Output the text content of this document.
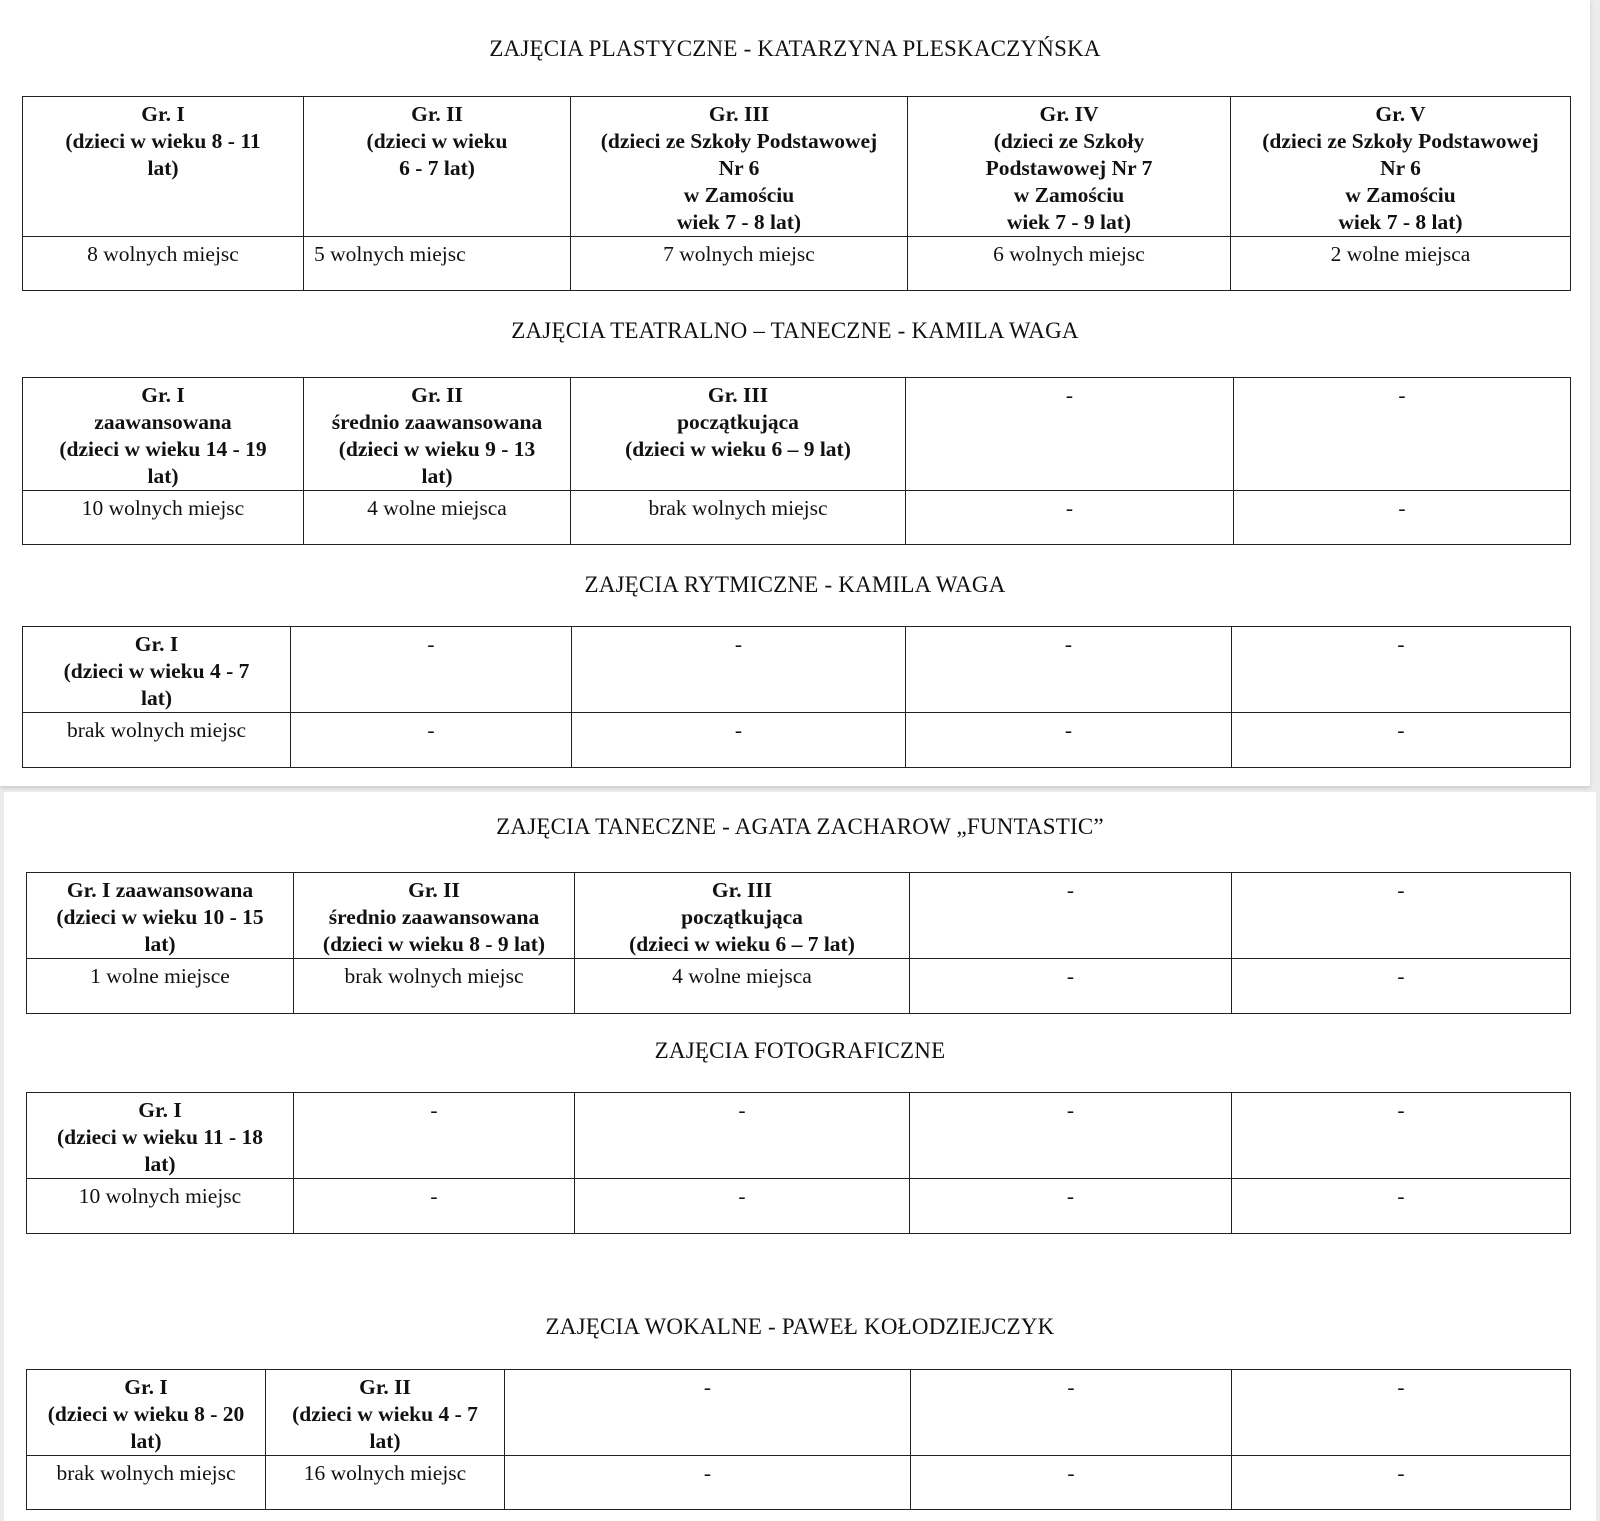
ZAJĘCIA PLASTYCZNE - KATARZYNA PLESKACZYŃSKA
Gr. I
(dzieci w wieku 8 - 11
lat)	Gr. II
(dzieci w wieku
6 - 7 lat)	Gr. III
(dzieci ze Szkoły Podstawowej
Nr 6
w Zamościu
wiek 7 - 8 lat)	Gr. IV
(dzieci ze Szkoły
Podstawowej Nr 7
w Zamościu
wiek 7 - 9 lat)	Gr. V
(dzieci ze Szkoły Podstawowej
Nr 6
w Zamościu
wiek 7 - 8 lat)

8 wolnych miejsc	5 wolnych miejsc	7 wolnych miejsc	6 wolnych miejsc	2 wolne miejsca
ZAJĘCIA TEATRALNO – TANECZNE - KAMILA WAGA
Gr. I
zaawansowana
(dzieci w wieku 14 - 19
lat)	Gr. II
średnio zaawansowana
(dzieci w wieku 9 - 13
lat)	Gr. III
początkująca
(dzieci w wieku 6 – 9 lat)	-	-

10 wolnych miejsc	4 wolne miejsca	brak wolnych miejsc	-	-
ZAJĘCIA RYTMICZNE - KAMILA WAGA
Gr. I
(dzieci w wieku 4 - 7
lat)	-	-	-	-

brak wolnych miejsc	-	-	-	-
ZAJĘCIA TANECZNE - AGATA ZACHAROW „FUNTASTIC”
Gr. I zaawansowana
(dzieci w wieku 10 - 15
lat)	Gr. II
średnio zaawansowana
(dzieci w wieku 8 - 9 lat)	Gr. III
początkująca
(dzieci w wieku 6 – 7 lat)	-	-

1 wolne miejsce	brak wolnych miejsc	4 wolne miejsca	-	-
ZAJĘCIA FOTOGRAFICZNE
Gr. I
(dzieci w wieku 11 - 18
lat)	-	-	-	-

10 wolnych miejsc	-	-	-	-
ZAJĘCIA WOKALNE - PAWEŁ KOŁODZIEJCZYK
Gr. I
(dzieci w wieku 8 - 20
lat)	Gr. II
(dzieci w wieku 4 - 7
lat)	-	-	-

brak wolnych miejsc	16 wolnych miejsc	-	-	-
